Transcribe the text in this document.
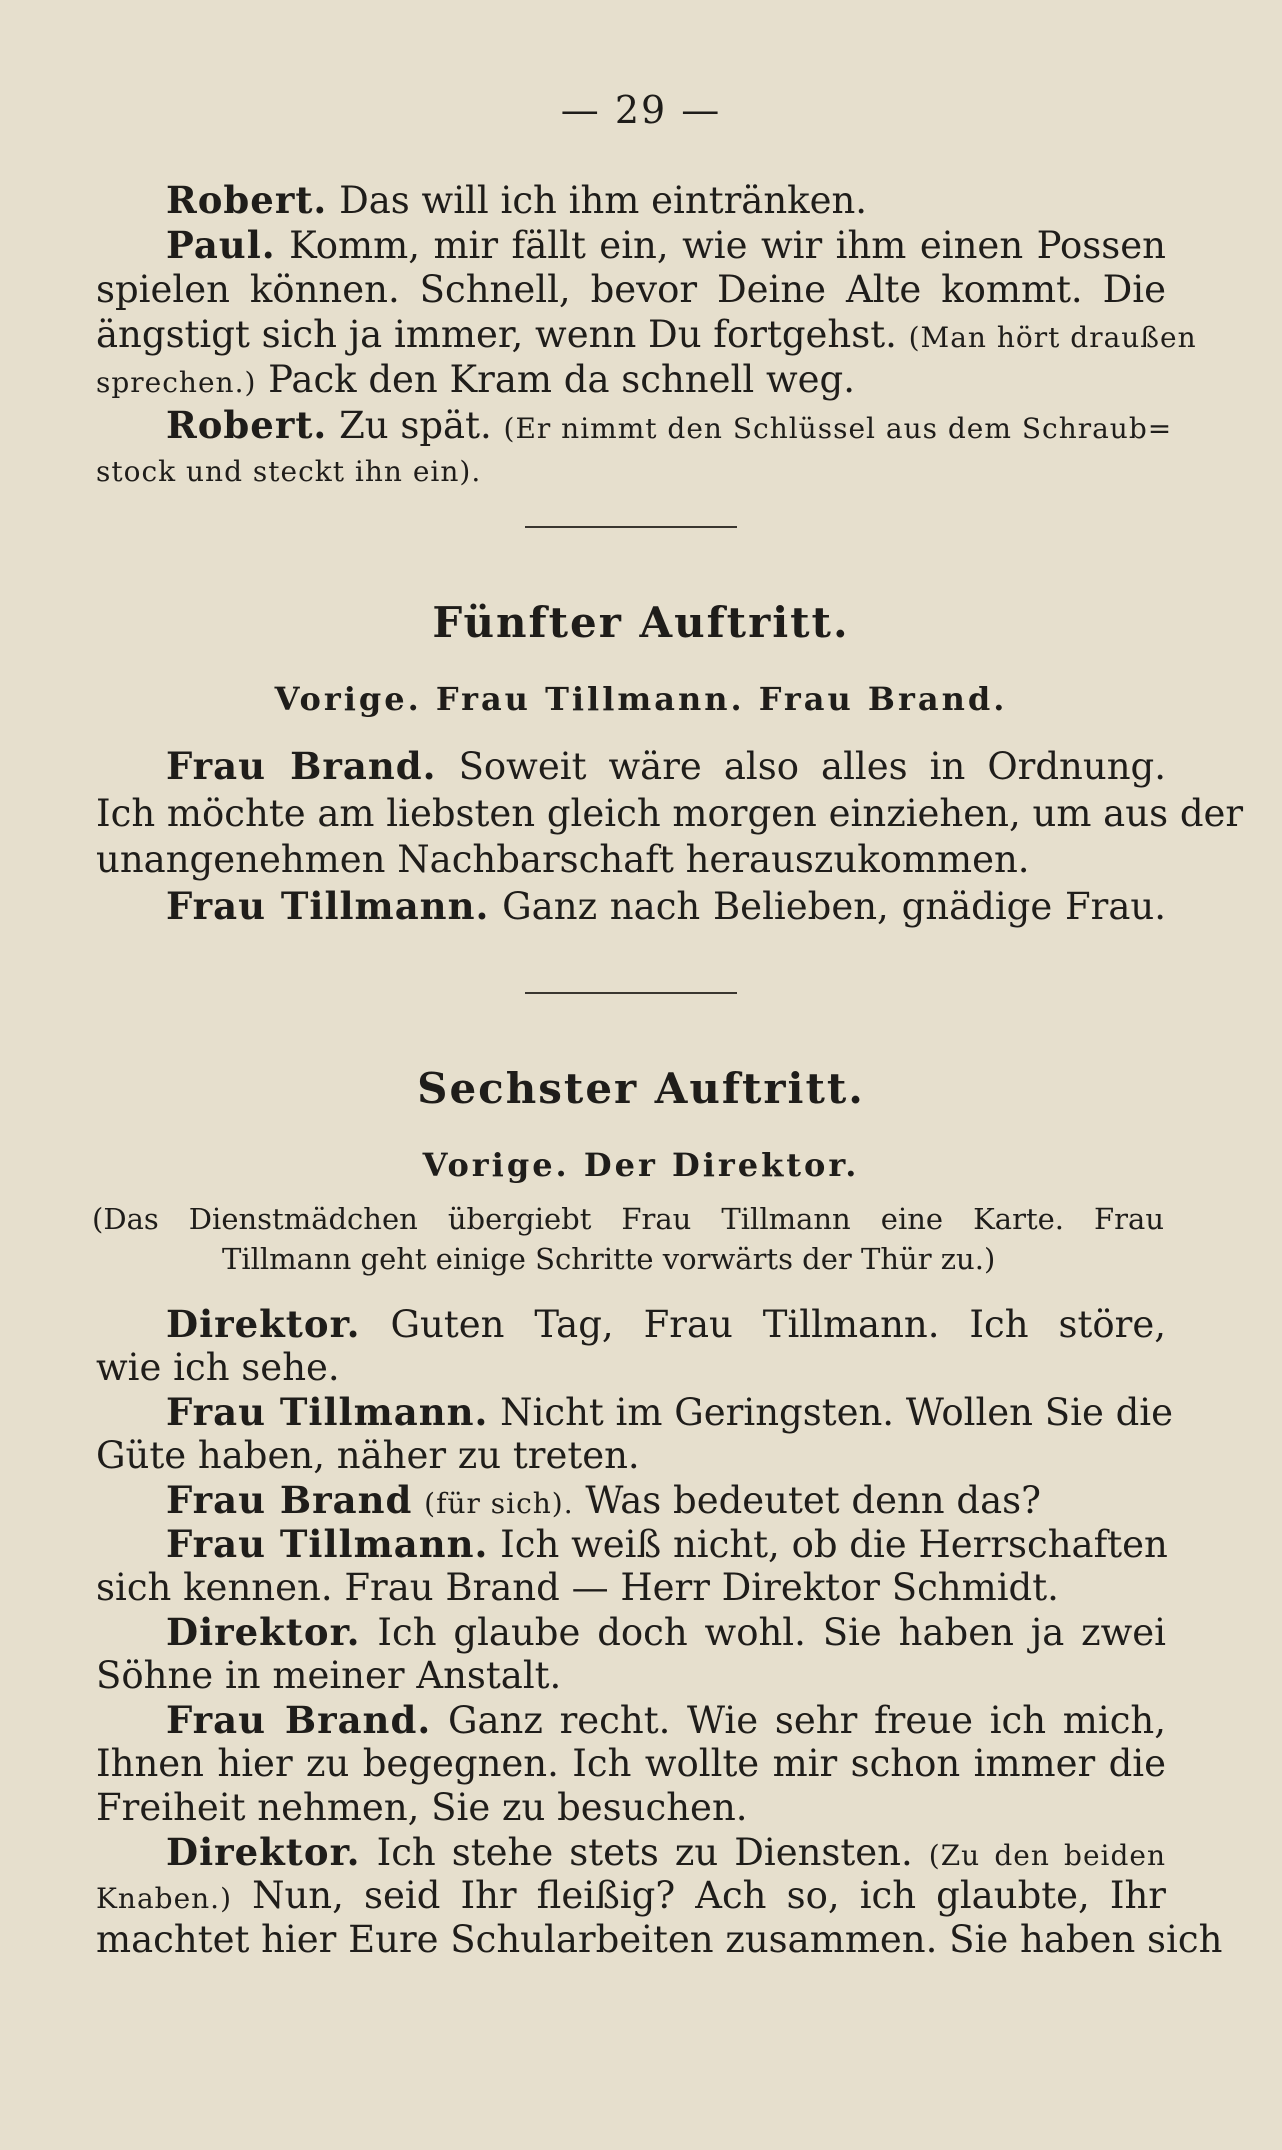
— 29 —
Robert. Das will ich ihm eintränken.
Paul. Komm, mir fällt ein, wie wir ihm einen Possen
spielen können. Schnell, bevor Deine Alte kommt. Die
ängstigt sich ja immer, wenn Du fortgehst. (Man hört draußen
sprechen.) Pack den Kram da schnell weg.
Robert. Zu spät. (Er nimmt den Schlüssel aus dem Schraub=
stock und steckt ihn ein).
Fünfter Auftritt.
Vorige. Frau Tillmann. Frau Brand.
Frau Brand. Soweit wäre also alles in Ordnung.
Ich möchte am liebsten gleich morgen einziehen, um aus der
unangenehmen Nachbarschaft herauszukommen.
Frau Tillmann. Ganz nach Belieben, gnädige Frau.
Sechster Auftritt.
Vorige. Der Direktor.
(Das Dienstmädchen übergiebt Frau Tillmann eine Karte. Frau
Tillmann geht einige Schritte vorwärts der Thür zu.)
Direktor. Guten Tag, Frau Tillmann. Ich störe,
wie ich sehe.
Frau Tillmann. Nicht im Geringsten. Wollen Sie die
Güte haben, näher zu treten.
Frau Brand (für sich). Was bedeutet denn das?
Frau Tillmann. Ich weiß nicht, ob die Herrschaften
sich kennen. Frau Brand — Herr Direktor Schmidt.
Direktor. Ich glaube doch wohl. Sie haben ja zwei
Söhne in meiner Anstalt.
Frau Brand. Ganz recht. Wie sehr freue ich mich,
Ihnen hier zu begegnen. Ich wollte mir schon immer die
Freiheit nehmen, Sie zu besuchen.
Direktor. Ich stehe stets zu Diensten. (Zu den beiden
Knaben.) Nun, seid Ihr fleißig? Ach so, ich glaubte, Ihr
machtet hier Eure Schularbeiten zusammen. Sie haben sich
